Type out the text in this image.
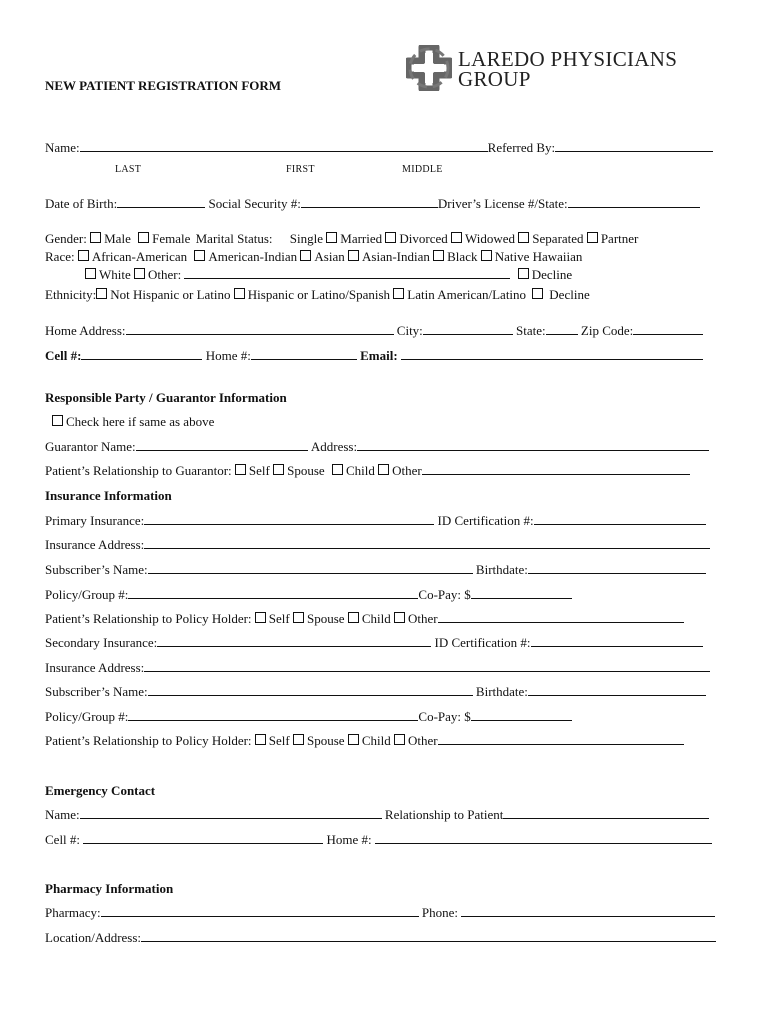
NEW PATIENT REGISTRATION FORM
LAREDO PHYSICIANS
GROUP
Name:	Referred By:
LAST	FIRST	MIDDLE
Date of Birth:	Social Security #:	Driver’s License #/State:
Gender: Male Female Marital Status: Single Married Divorced Widowed Separated Partner
Race: African-American American-Indian Asian Asian-Indian Black Native Hawaiian
White Other:	Decline
Ethnicity: Not Hispanic or Latino Hispanic or Latino/Spanish Latin American/Latino Decline
Home Address:	City:	State:	Zip Code:
Cell #:	Home #:	Email:
Responsible Party / Guarantor Information
Check here if same as above
Guarantor Name:	Address:
Patient’s Relationship to Guarantor: Self Spouse Child Other
Insurance Information
Primary Insurance:	ID Certification #:
Insurance Address:
Subscriber’s Name:	Birthdate:
Policy/Group #:	Co-Pay: $
Patient’s Relationship to Policy Holder: Self Spouse Child Other
Secondary Insurance:	ID Certification #:
Insurance Address:
Subscriber’s Name:	Birthdate:
Policy/Group #:	Co-Pay: $
Patient’s Relationship to Policy Holder: Self Spouse Child Other
Emergency Contact
Name:	Relationship to Patient
Cell #:	Home #:
Pharmacy Information
Pharmacy:	Phone:
Location/Address:
